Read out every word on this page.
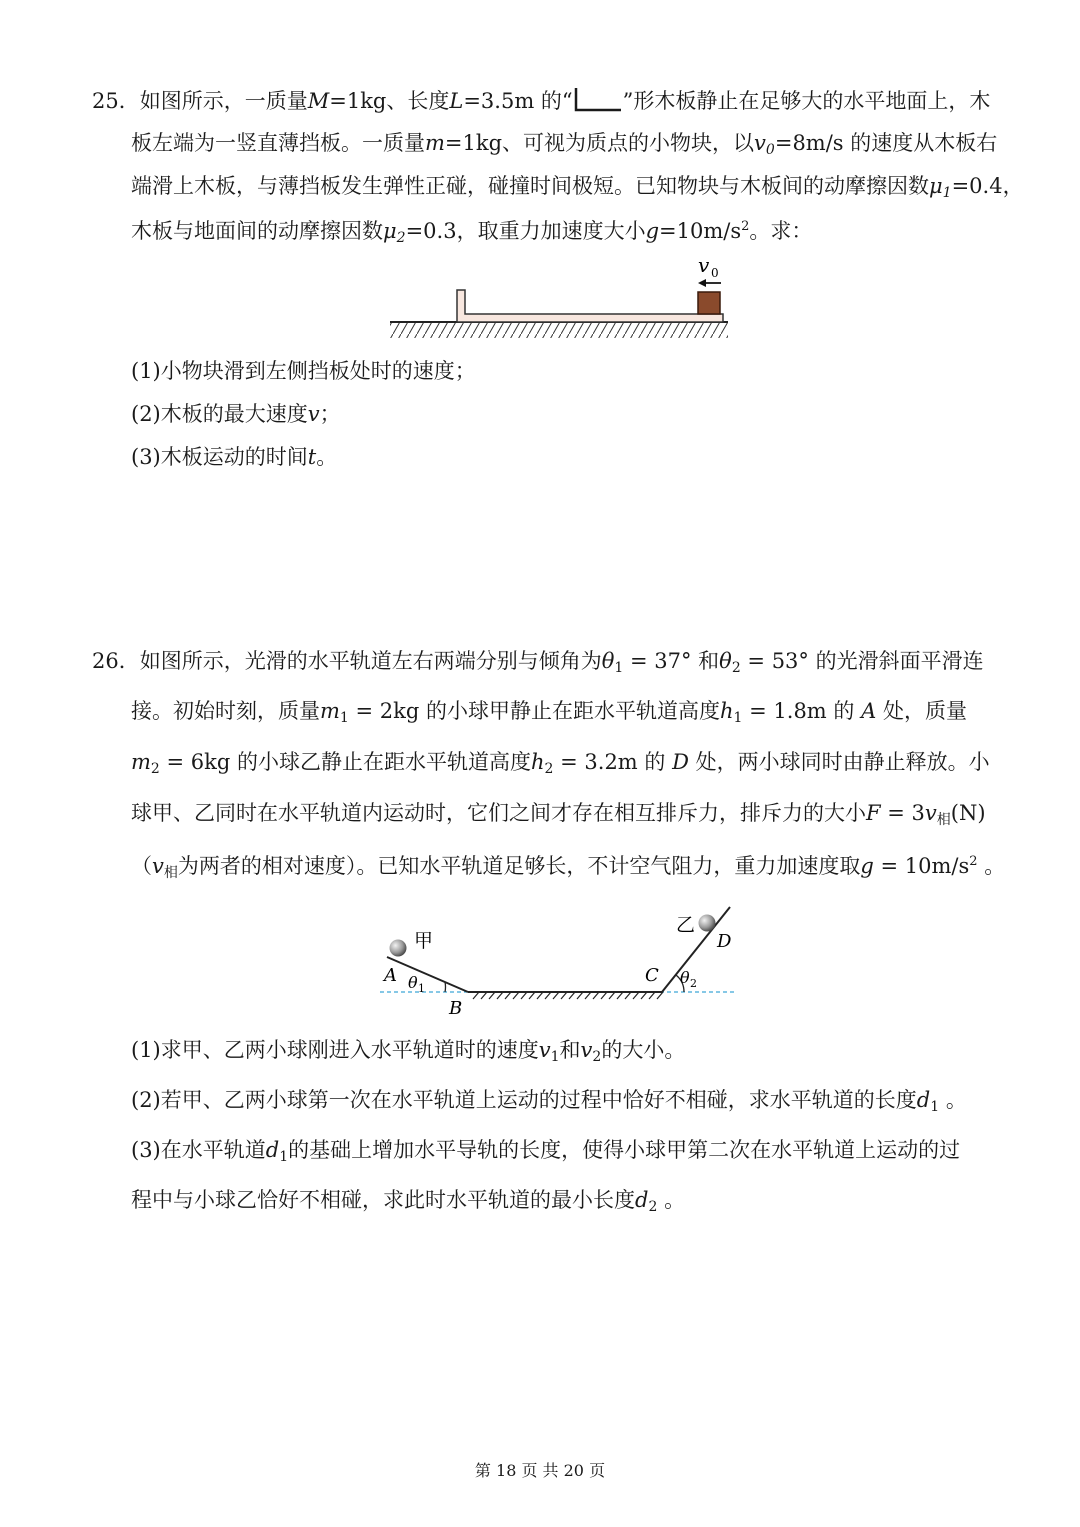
25．如图所示，一质量M=1kg、长度L=3.5m 的“ ”形木板静止在足够大的水平地面上，木
板左端为一竖直薄挡板。一质量m=1kg、可视为质点的小物块，以$v_0=8m/s$ 的速度从木板右
端滑上木板，与薄挡板发生弹性正碰，碰撞时间极短。已知物块与木板间的动摩擦因数$\mu_1=0.4$，
木板与地面间的动摩擦因数$\mu_2=0.3$，取重力加速度大小$g=10m/s^2$。求：
v 0
(1)小物块滑到左侧挡板处时的速度；
(2)木板的最大速度v；
(3)木板运动的时间t。
26．如图所示，光滑的水平轨道左右两端分别与倾角为$\theta_1 = 37^\circ$ 和$\theta_2 = 53^\circ$ 的光滑斜面平滑连
接。初始时刻，质量$m_1 = 2kg$ 的小球甲静止在距水平轨道高度$h_1 = 1.8m$ 的 A 处，质量
$m_2 = 6kg$ 的小球乙静止在距水平轨道高度$h_2 = 3.2m$ 的 D 处，两小球同时由静止释放。小
球甲、乙同时在水平轨道内运动时，它们之间才存在相互排斥力，排斥力的大小$F = 3v_相(N)$
（$v_相$为两者的相对速度）。已知水平轨道足够长，不计空气阻力，重力加速度取$g = 10m/s^2$ 。
甲
乙
A
B
C
D
θ 1
θ 2
(1)求甲、乙两小球刚进入水平轨道时的速度$v_1$和$v_2$的大小。
(2)若甲、乙两小球第一次在水平轨道上运动的过程中恰好不相碰，求水平轨道的长度$d_1$ 。
(3)在水平轨道$d_1$的基础上增加水平导轨的长度，使得小球甲第二次在水平轨道上运动的过
程中与小球乙恰好不相碰，求此时水平轨道的最小长度$d_2$ 。
第 18 页 共 20 页
